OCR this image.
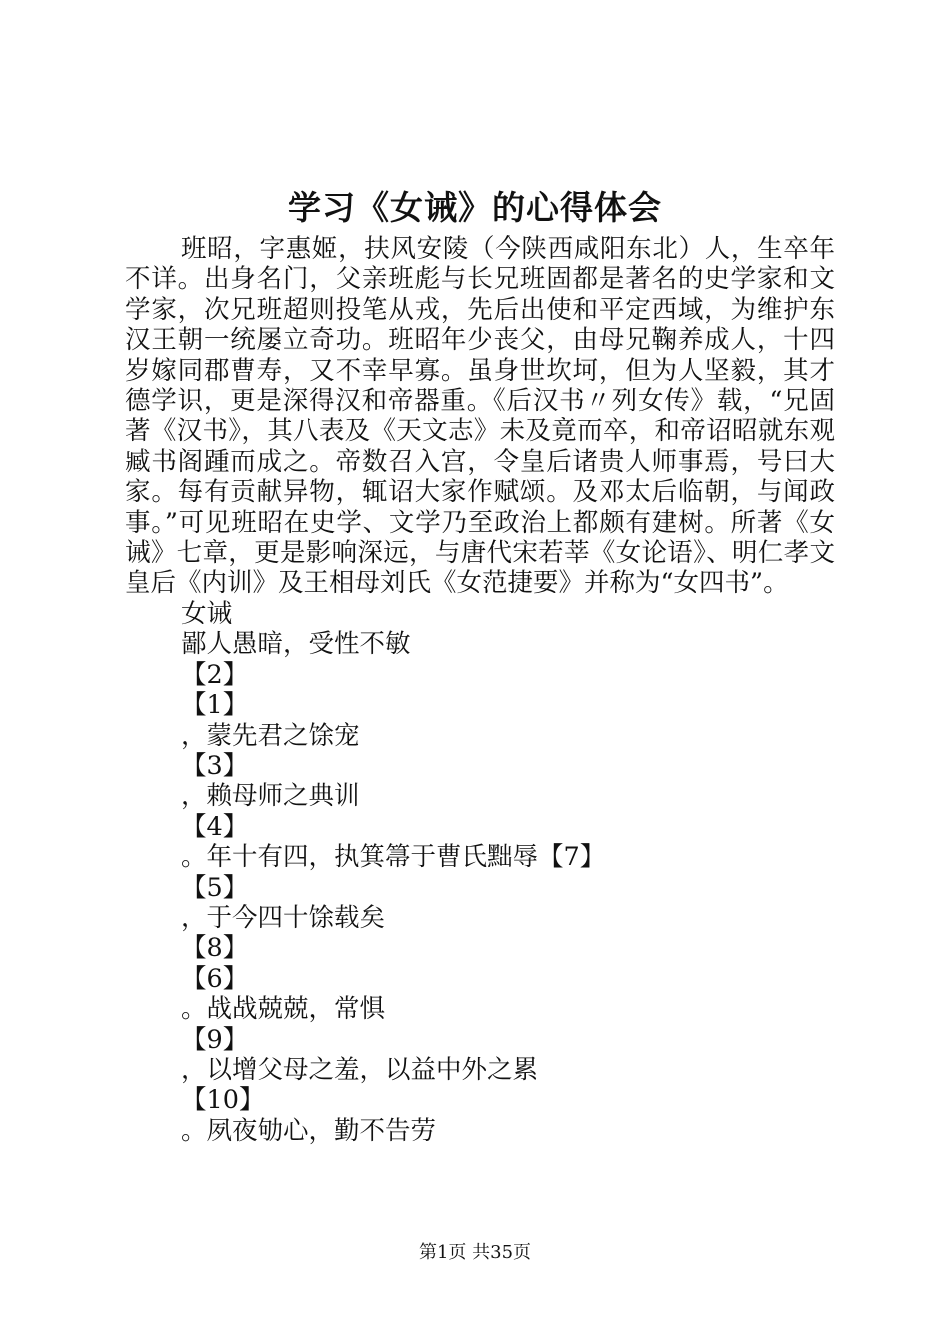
学习《女诫》的心得体会

班昭，字惠姬，扶风安陵（今陕西咸阳东北）人，生卒年不详。出身名门，父亲班彪与长兄班固都是著名的史学家和文学家，次兄班超则投笔从戎，先后出使和平定西域，为维护东汉王朝一统屡立奇功。班昭年少丧父，由母兄鞠养成人，十四岁嫁同郡曹寿，又不幸早寡。虽身世坎坷，但为人坚毅，其才德学识，更是深得汉和帝器重。《后汉书〃列女传》载，“兄固著《汉书》，其八表及《天文志》未及竟而卒，和帝诏昭就东观臧书阁踵而成之。帝数召入宫，令皇后诸贵人师事焉，号曰大家。每有贡献异物，辄诏大家作赋颂。及邓太后临朝，与闻政事。”可见班昭在史学、文学乃至政治上都颇有建树。所著《女诫》七章，更是影响深远，与唐代宋若莘《女论语》、明仁孝文皇后《内训》及王相母刘氏《女范捷要》并称为“女四书”。

女诫

鄙人愚暗，受性不敏

【2】

【1】

，蒙先君之馀宠

【3】

，赖母师之典训

【4】

。年十有四，执箕箒于曹氏黜辱【7】

【5】

，于今四十馀载矣

【8】

【6】

。战战兢兢，常惧

【9】

，以增父母之羞，以益中外之累

【10】

。夙夜劬心，勤不告劳

第1页 共35页
